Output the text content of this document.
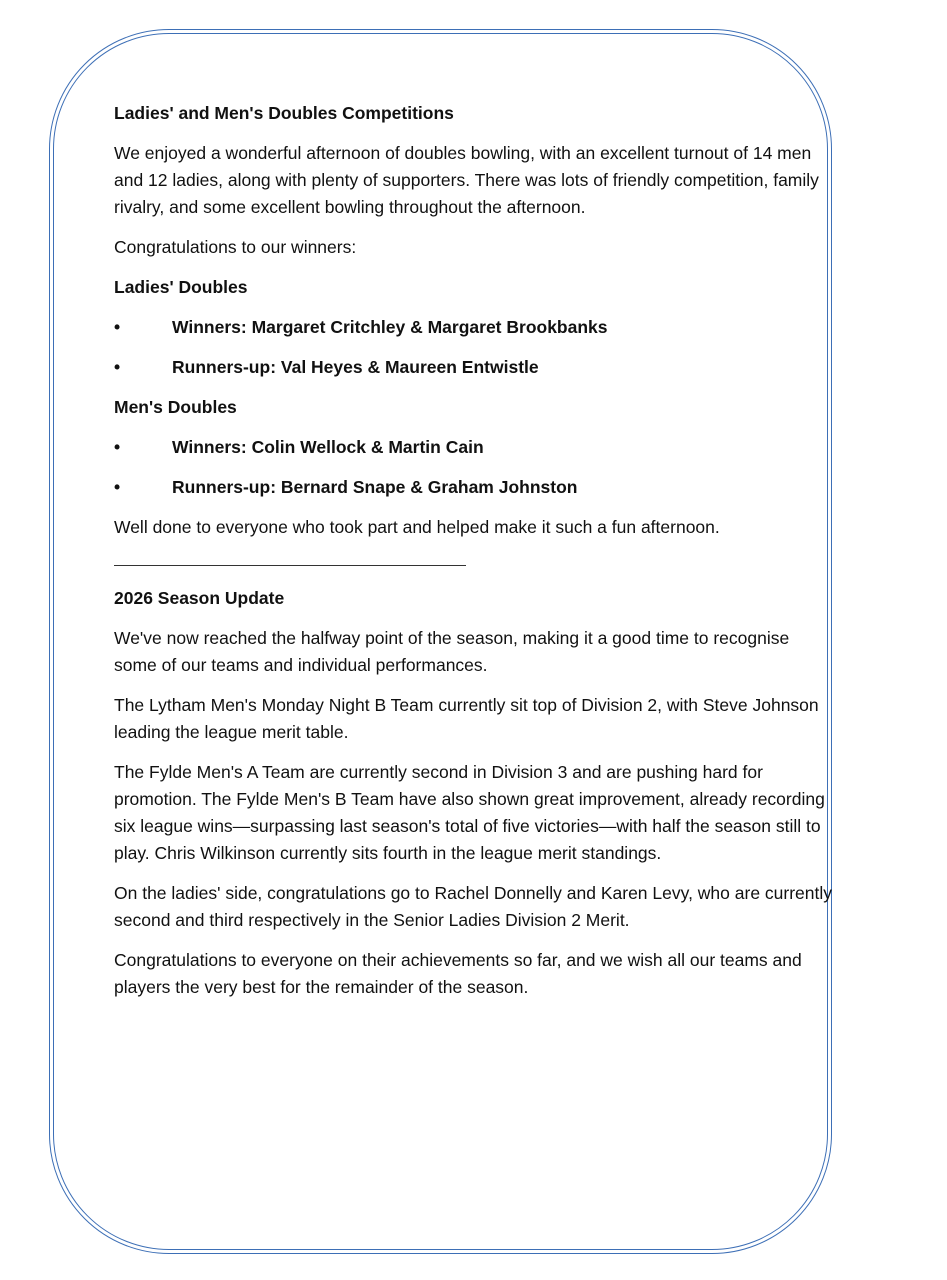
Ladies' and Men's Doubles Competitions

We enjoyed a wonderful afternoon of doubles bowling, with an excellent turnout of 14 men and 12 ladies, along with plenty of supporters. There was lots of friendly competition, family rivalry, and some excellent bowling throughout the afternoon.

Congratulations to our winners:

Ladies' Doubles

•	Winners: Margaret Critchley & Margaret Brookbanks
•	Runners-up: Val Heyes & Maureen Entwistle

Men's Doubles

•	Winners: Colin Wellock & Martin Cain
•	Runners-up: Bernard Snape & Graham Johnston

Well done to everyone who took part and helped make it such a fun afternoon.

2026 Season Update

We've now reached the halfway point of the season, making it a good time to recognise some of our teams and individual performances.

The Lytham Men's Monday Night B Team currently sit top of Division 2, with Steve Johnson leading the league merit table.

The Fylde Men's A Team are currently second in Division 3 and are pushing hard for promotion. The Fylde Men's B Team have also shown great improvement, already recording six league wins—surpassing last season's total of five victories—with half the season still to play. Chris Wilkinson currently sits fourth in the league merit standings.

On the ladies' side, congratulations go to Rachel Donnelly and Karen Levy, who are currently second and third respectively in the Senior Ladies Division 2 Merit.

Congratulations to everyone on their achievements so far, and we wish all our teams and players the very best for the remainder of the season.
